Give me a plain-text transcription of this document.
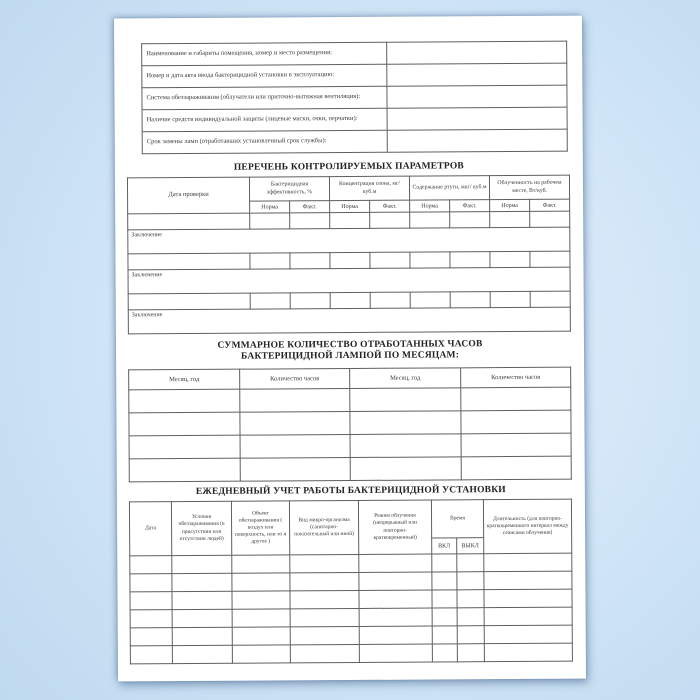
Наименование и габариты помещения, номер и место размещения:	
Номер и дата акта ввода бактерицидной установки в эксплуатацию:	
Система обеззараживания (облучатели или приточно-вытяжная вентиляция):	
Наличие средств индивидуальной защиты (лицевые маски, очки, перчатки):	
Срок замены ламп (отработавших установленный срок службы):	
ПЕРЕЧЕНЬ КОНТРОЛИРУЕМЫХ ПАРАМЕТРОВ
Дата проверки	Бактерицидная эффективность, %		Концентрация озона, мг/ куб.м		Содержание ртути, мкг/ куб.м		Облученность на рабочем месте, Вт/куб.	
	Норма	Факт.	Норма	Факт.	Норма	Факт.	Норма	Факт.

Заключение								

Заключение								

Заключение								
СУММАРНОЕ КОЛИЧЕСТВО ОТРАБОТАННЫХ ЧАСОВ
БАКТЕРИЦИДНОЙ ЛАМПОЙ ПО МЕСЯЦАМ:
Месяц, год	Количество часов	Месяц, год	Количество часов

ЕЖЕДНЕВНЫЙ УЧЕТ РАБОТЫ БАКТЕРИЦИДНОЙ УСТАНОВКИ
Дата	Условия обеззараживания (в присутствии или отсутствии людей)	Объект обеззараживания ( воздух или поверхность, или то и другое )	Вид микро-организма (санитарно- показательный или иной)	Режим облучения (непрерывный или повторно- кратковременный)	Время		Длительность (для повторно- кратковременного интервал между сеансами облучения)
					ВКЛ	ВЫКЛ	
